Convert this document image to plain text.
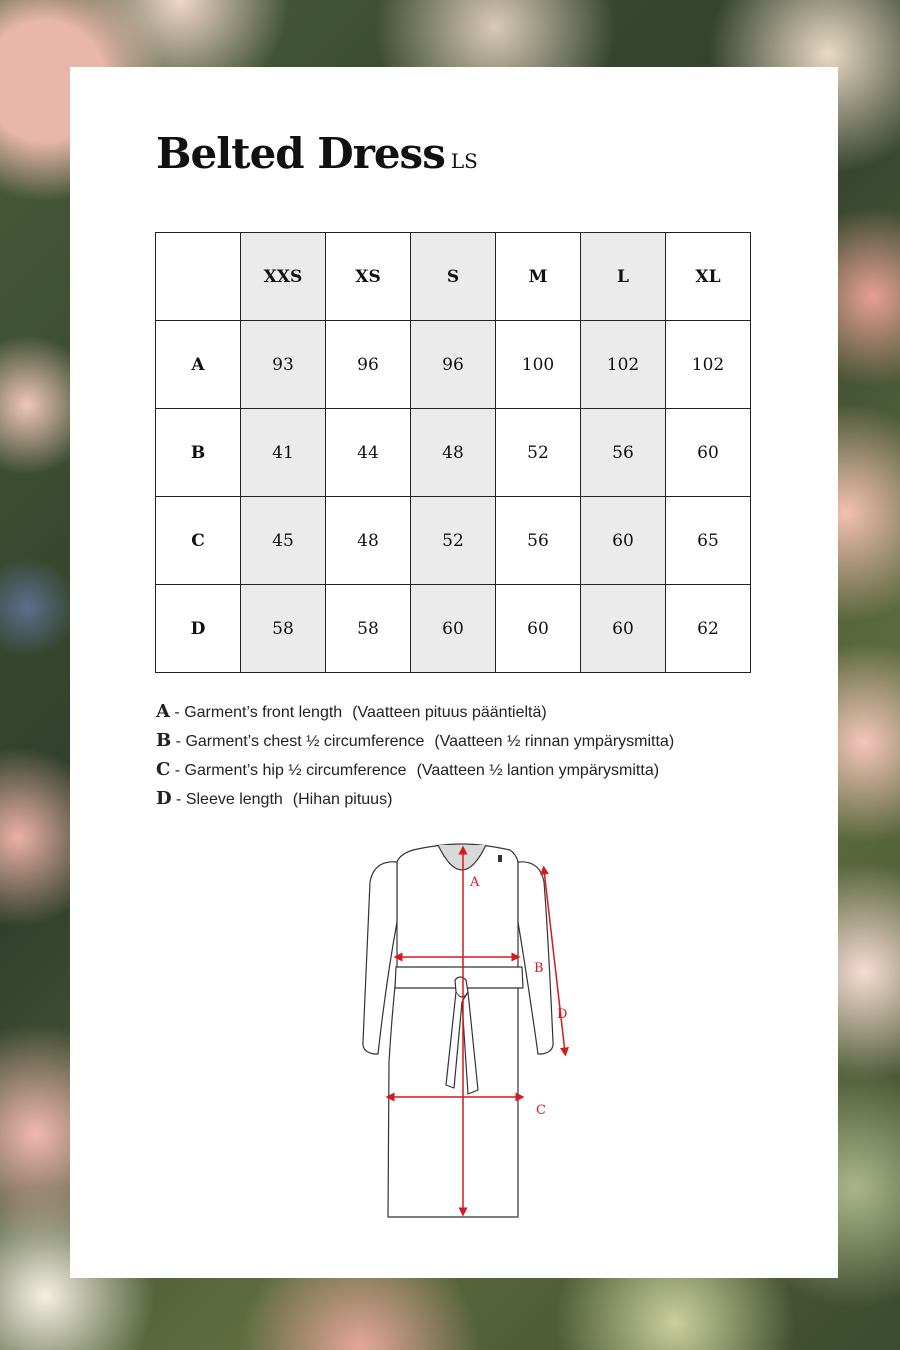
Belted Dress LS
	XXS	XS	S	M	L	XL
A	93	96	96	100	102	102
B	41	44	48	52	56	60
C	45	48	52	56	60	65
D	58	58	60	60	60	62
A - Garment’s front length (Vaatteen pituus pääntieltä)
B - Garment’s chest ½ circumference (Vaatteen ½ rinnan ympärysmitta)
C - Garment’s hip ½ circumference (Vaatteen ½ lantion ympärysmitta)
D - Sleeve length (Hihan pituus)
A
B
C
D
